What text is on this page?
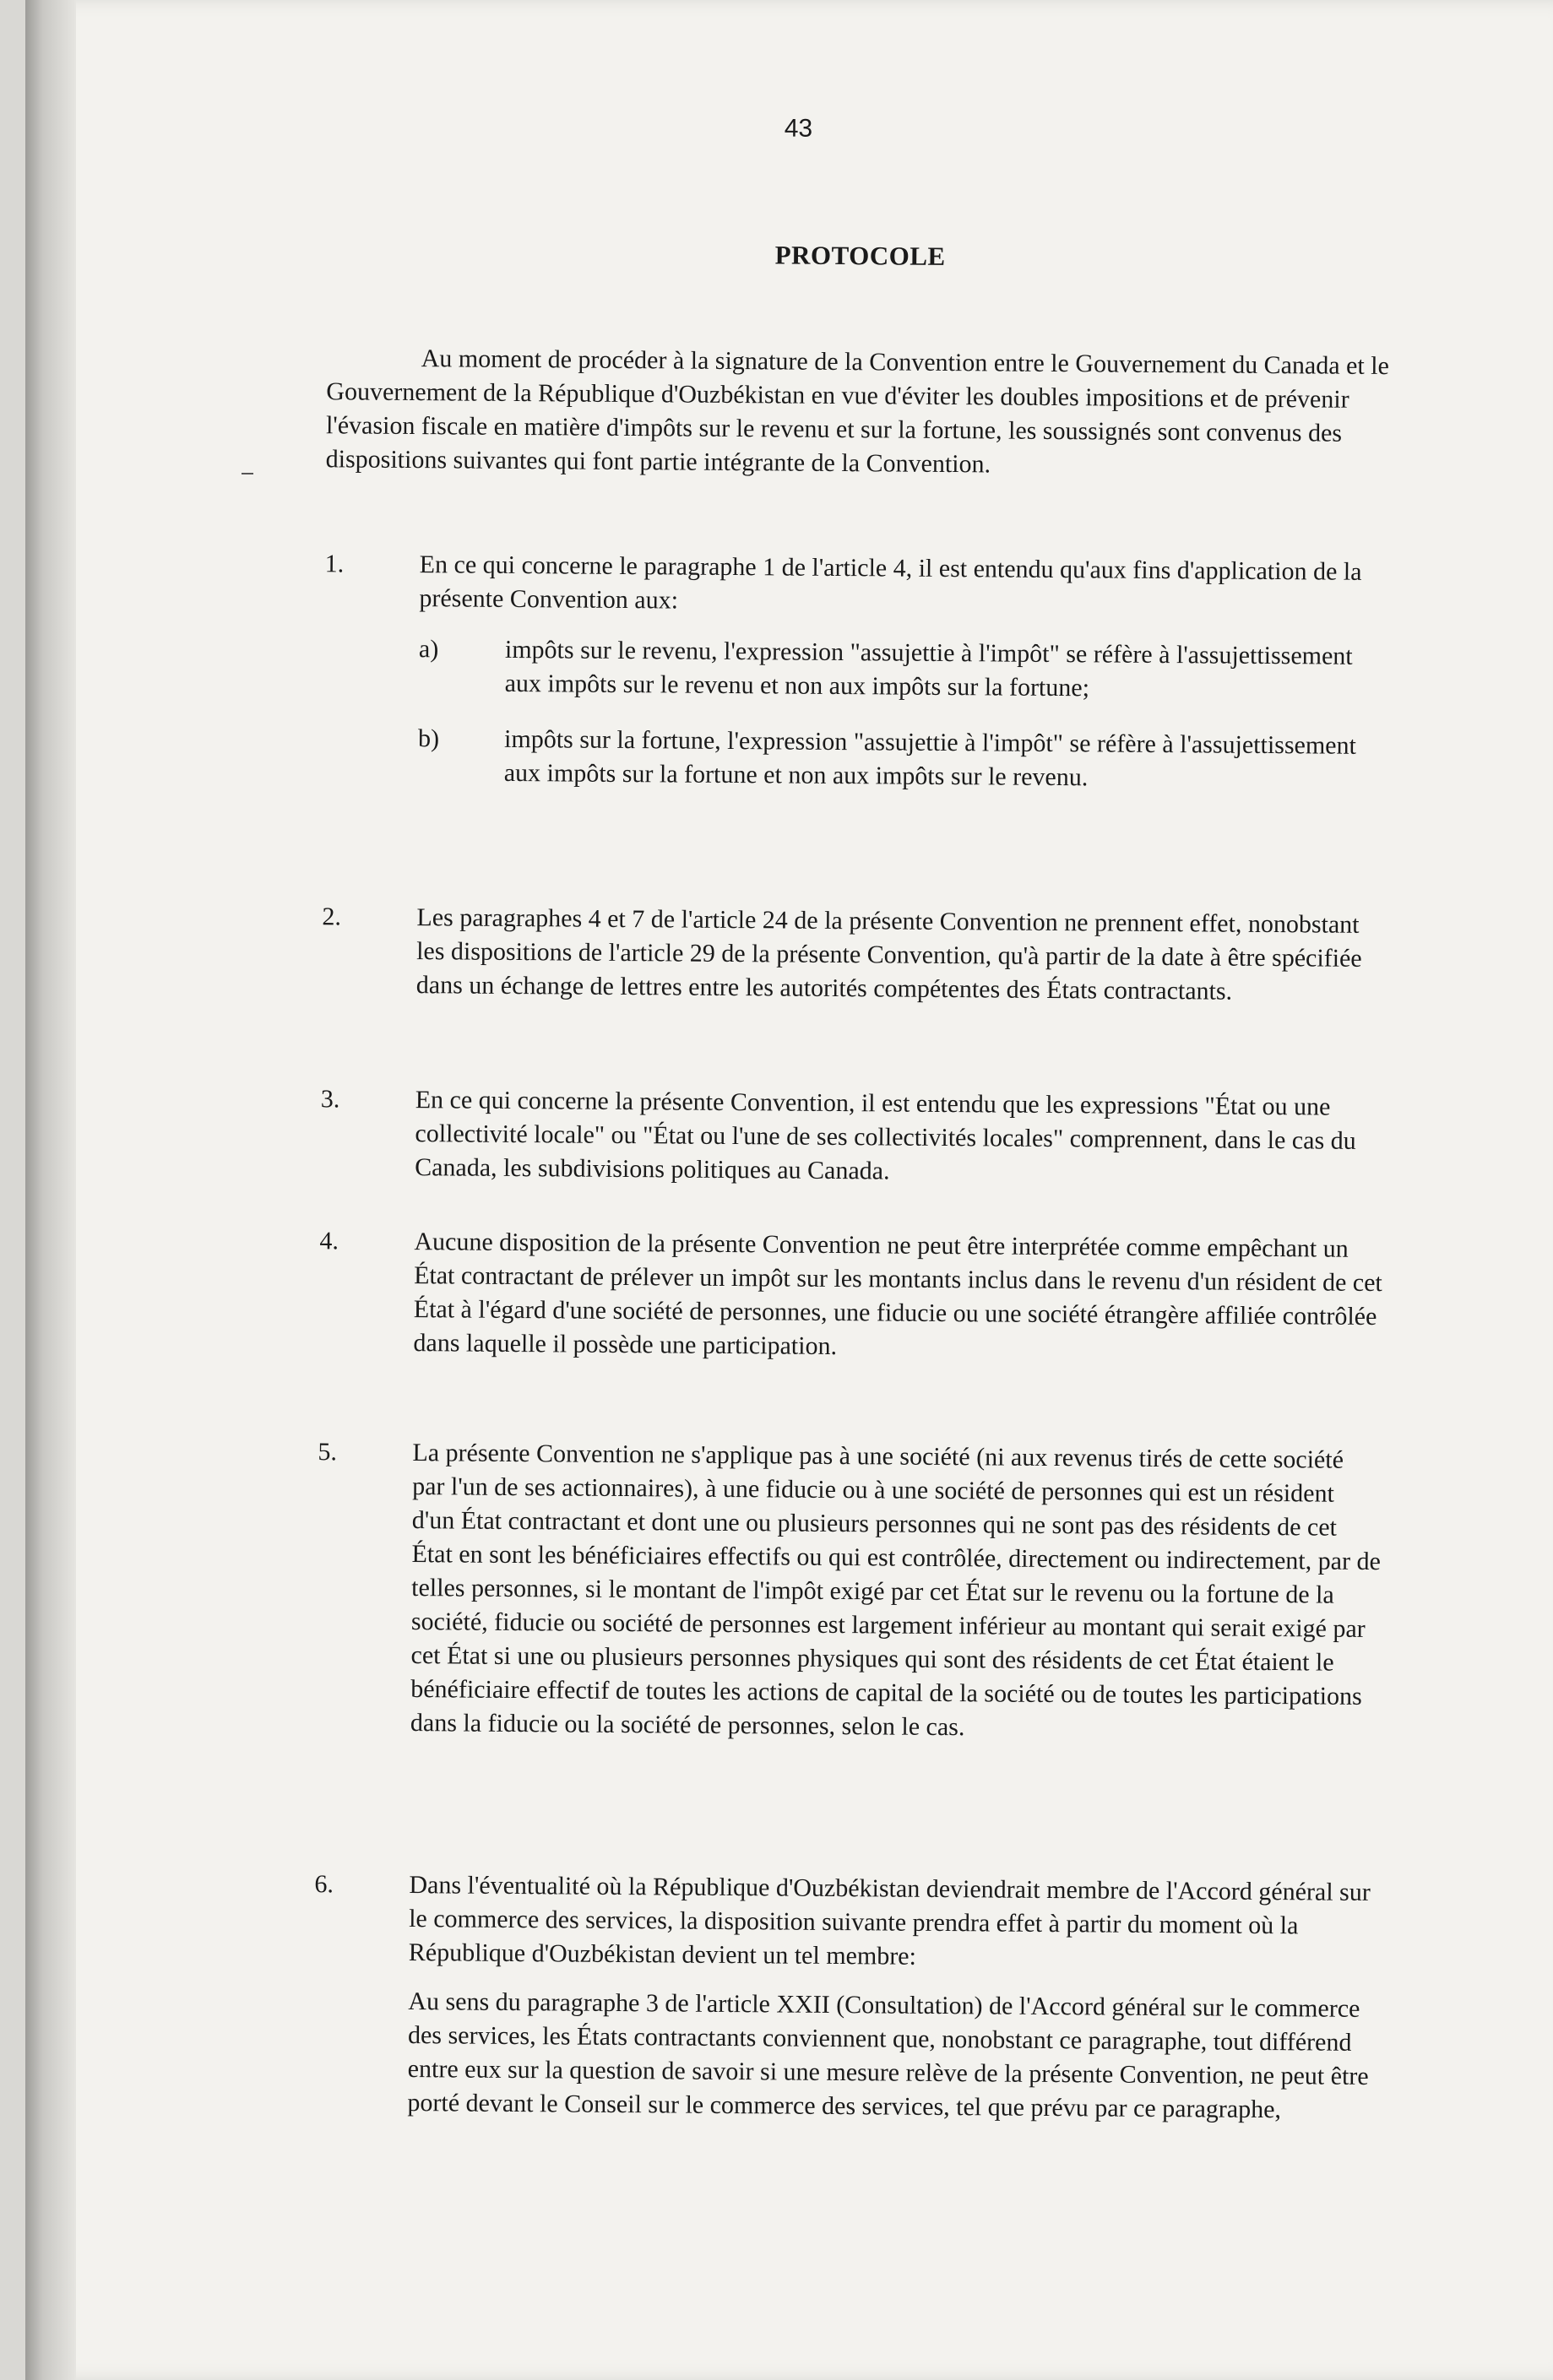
43
PROTOCOLE

Au moment de procéder à la signature de la Convention entre le Gouvernement du Canada et le Gouvernement de la République d'Ouzbékistan en vue d'éviter les doubles impositions et de prévenir l'évasion fiscale en matière d'impôts sur le revenu et sur la fortune, les soussignés sont convenus des dispositions suivantes qui font partie intégrante de la Convention.

1.	En ce qui concerne le paragraphe 1 de l'article 4, il est entendu qu'aux fins d'application de la présente Convention aux:
a)	impôts sur le revenu, l'expression "assujettie à l'impôt" se réfère à l'assujettissement aux impôts sur le revenu et non aux impôts sur la fortune;
b)	impôts sur la fortune, l'expression "assujettie à l'impôt" se réfère à l'assujettissement aux impôts sur la fortune et non aux impôts sur le revenu.
2.	Les paragraphes 4 et 7 de l'article 24 de la présente Convention ne prennent effet, nonobstant les dispositions de l'article 29 de la présente Convention, qu'à partir de la date à être spécifiée dans un échange de lettres entre les autorités compétentes des États contractants.
3.	En ce qui concerne la présente Convention, il est entendu que les expressions "État ou une collectivité locale" ou "État ou l'une de ses collectivités locales" comprennent, dans le cas du Canada, les subdivisions politiques au Canada.
4.	Aucune disposition de la présente Convention ne peut être interprétée comme empêchant un État contractant de prélever un impôt sur les montants inclus dans le revenu d'un résident de cet État à l'égard d'une société de personnes, une fiducie ou une société étrangère affiliée contrôlée dans laquelle il possède une participation.
5.	La présente Convention ne s'applique pas à une société (ni aux revenus tirés de cette société par l'un de ses actionnaires), à une fiducie ou à une société de personnes qui est un résident d'un État contractant et dont une ou plusieurs personnes qui ne sont pas des résidents de cet État en sont les bénéficiaires effectifs ou qui est contrôlée, directement ou indirectement, par de telles personnes, si le montant de l'impôt exigé par cet État sur le revenu ou la fortune de la société, fiducie ou société de personnes est largement inférieur au montant qui serait exigé par cet État si une ou plusieurs personnes physiques qui sont des résidents de cet État étaient le bénéficiaire effectif de toutes les actions de capital de la société ou de toutes les participations dans la fiducie ou la société de personnes, selon le cas.
6.	Dans l'éventualité où la République d'Ouzbékistan deviendrait membre de l'Accord général sur le commerce des services, la disposition suivante prendra effet à partir du moment où la République d'Ouzbékistan devient un tel membre:
Au sens du paragraphe 3 de l'article XXII (Consultation) de l'Accord général sur le commerce des services, les États contractants conviennent que, nonobstant ce paragraphe, tout différend entre eux sur la question de savoir si une mesure relève de la présente Convention, ne peut être porté devant le Conseil sur le commerce des services, tel que prévu par ce paragraphe,
